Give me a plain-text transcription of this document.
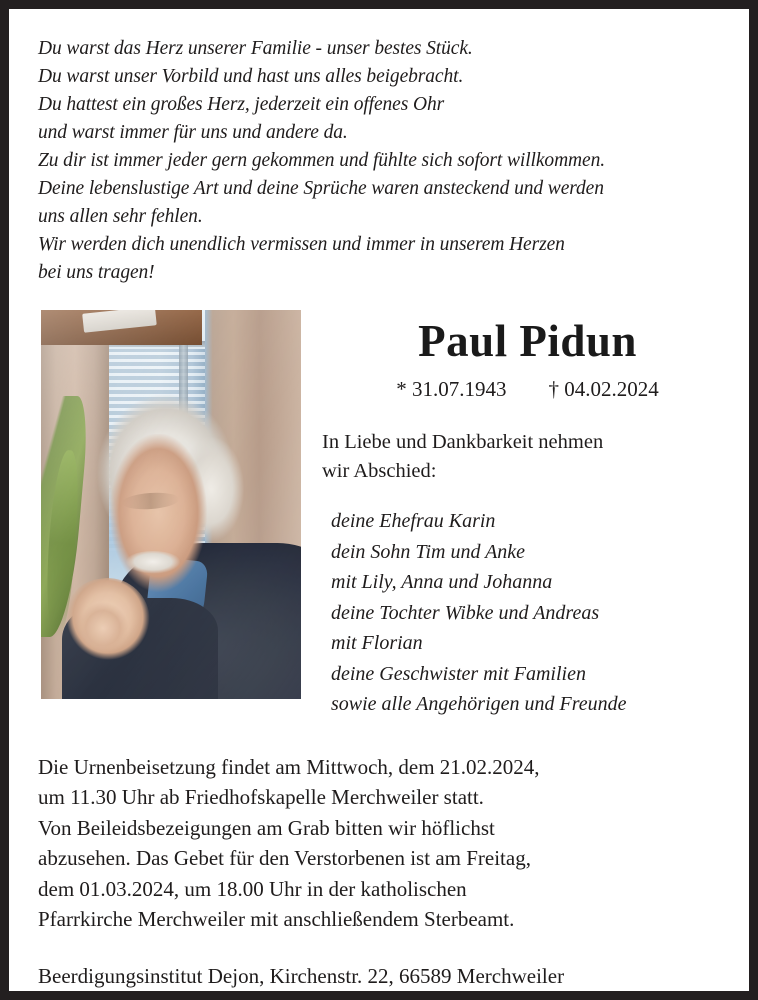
Du warst das Herz unserer Familie - unser bestes Stück.
Du warst unser Vorbild und hast uns alles beigebracht.
Du hattest ein großes Herz, jederzeit ein offenes Ohr
und warst immer für uns und andere da.
Zu dir ist immer jeder gern gekommen und fühlte sich sofort willkommen.
Deine lebenslustige Art und deine Sprüche waren ansteckend und werden
uns allen sehr fehlen.
Wir werden dich unendlich vermissen und immer in unserem Herzen
bei uns tragen!
Paul Pidun
* 31.07.1943 † 04.02.2024
In Liebe und Dankbarkeit nehmen
wir Abschied:
deine Ehefrau Karin
dein Sohn Tim und Anke
mit Lily, Anna und Johanna
deine Tochter Wibke und Andreas
mit Florian
deine Geschwister mit Familien
sowie alle Angehörigen und Freunde
Die Urnenbeisetzung findet am Mittwoch, dem 21.02.2024,
um 11.30 Uhr ab Friedhofskapelle Merchweiler statt.
Von Beileidsbezeigungen am Grab bitten wir höflichst
abzusehen. Das Gebet für den Verstorbenen ist am Freitag,
dem 01.03.2024, um 18.00 Uhr in der katholischen
Pfarrkirche Merchweiler mit anschließendem Sterbeamt.
Beerdigungsinstitut Dejon, Kirchenstr. 22, 66589 Merchweiler
